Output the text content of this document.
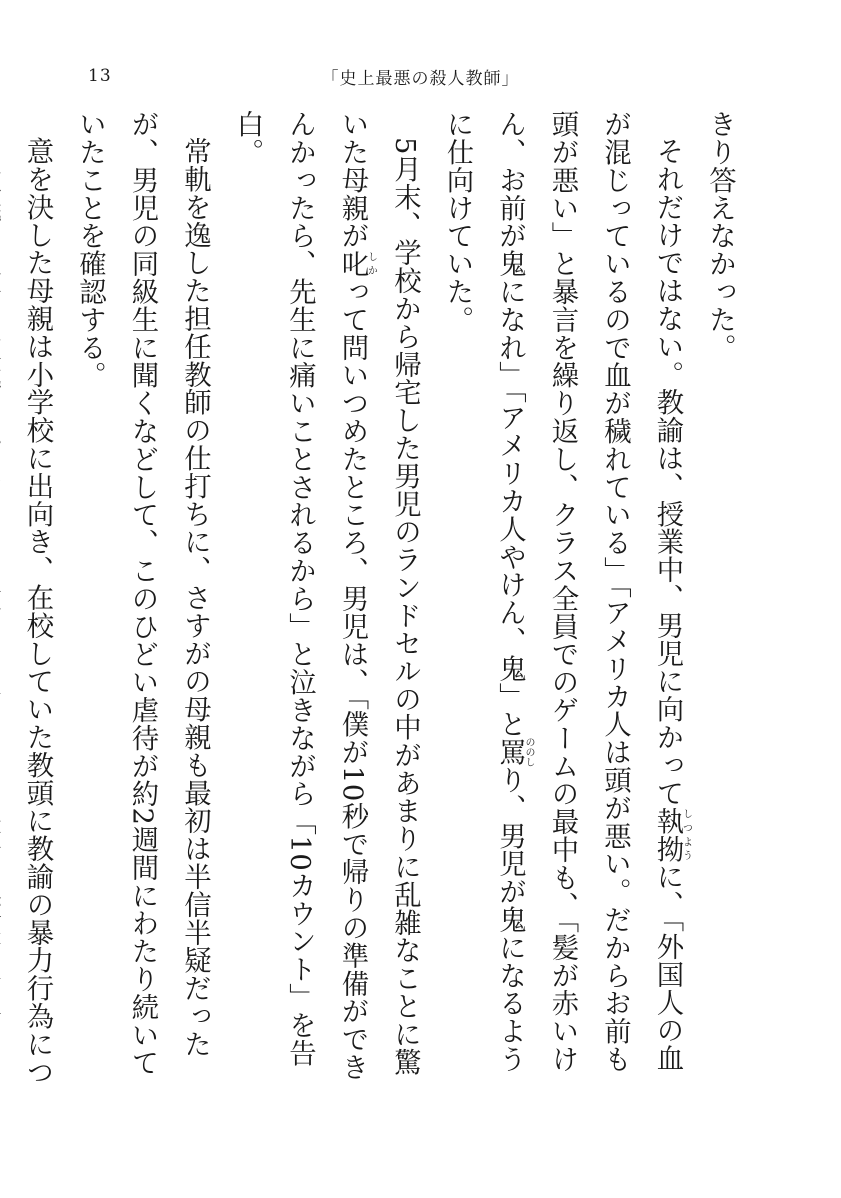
13	「史上最悪の殺人教師」

きり答えなかった。

それだけではない。教諭は、授業中、男児に向かって執拗しつように、「外国人の血が混じっているので血が穢れている」「アメリカ人は頭が悪い。だからお前も頭が悪い」と暴言を繰り返し、クラス全員でのゲームの最中も、「髪が赤いけん、お前が鬼になれ」「アメリカ人やけん、鬼」と罵ののしり、男児が鬼になるように仕向けていた。

5月末、学校から帰宅した男児のランドセルの中があまりに乱雑なことに驚いた母親が叱しかって問いつめたところ、男児は、「僕が10秒で帰りの準備ができんかったら、先生に痛いことされるから」と泣きながら「10カウント」を告白。

常軌を逸した担任教師の仕打ちに、さすがの母親も最初は半信半疑だったが、男児の同級生に聞くなどして、このひどい虐待が約2週間にわたり続いていたことを確認する。

意を決した母親は小学校に出向き、在校していた教頭に教諭の暴力行為につ
